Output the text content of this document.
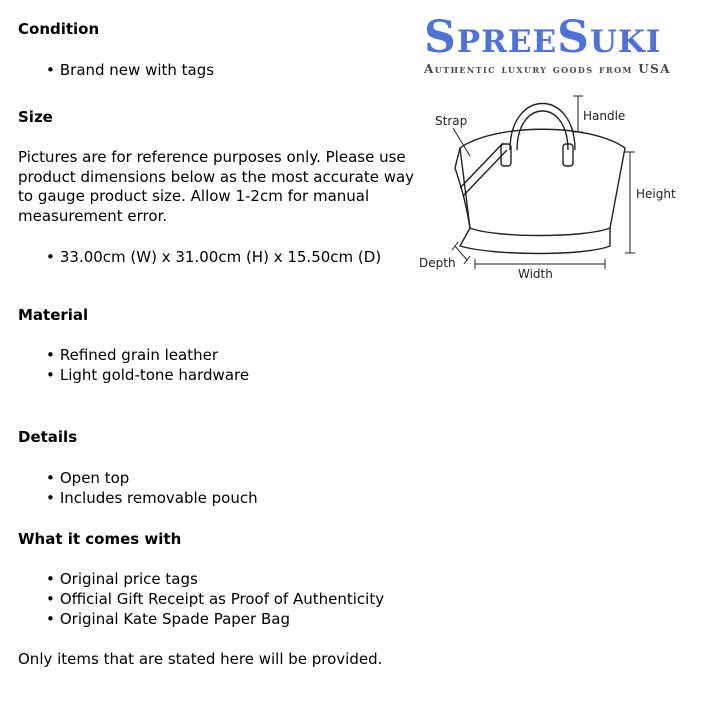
SpreeSuki
Authentic luxury goods from USA
Strap	Handle
Height
Depth
Width
Condition
• Brand new with tags
Size

Pictures are for reference purposes only. Please use product dimensions below as the most accurate way to gauge product size. Allow 1-2cm for manual measurement error.

• 33.00cm (W) x 31.00cm (H) x 15.50cm (D)
Material
• Refined grain leather
• Light gold-tone hardware
Details
• Open top
• Includes removable pouch
What it comes with
• Original price tags
• Official Gift Receipt as Proof of Authenticity
• Original Kate Spade Paper Bag

Only items that are stated here will be provided.
